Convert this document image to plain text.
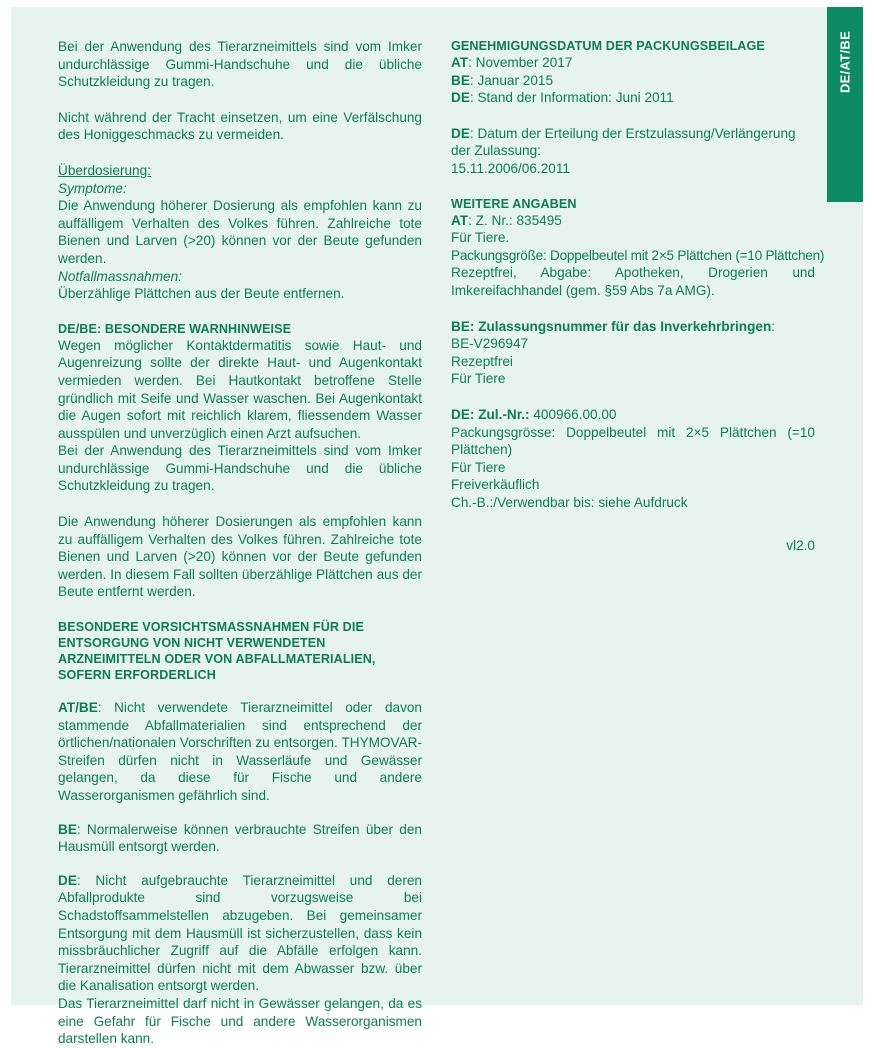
DE/AT/BE

Bei der Anwendung des Tierarzneimittels sind vom Imker undurchlässige Gummi-Handschuhe und die übliche Schutzkleidung zu tragen.

Nicht während der Tracht einsetzen, um eine Verfälschung des Honiggeschmacks zu vermeiden.

Überdosierung:

Symptome:

Die Anwendung höherer Dosierung als empfohlen kann zu auffälligem Verhalten des Volkes führen. Zahlreiche tote Bienen und Larven (>20) können vor der Beute gefunden werden.

Notfallmassnahmen:

Überzählige Plättchen aus der Beute entfernen.

DE/BE: BESONDERE WARNHINWEISE

Wegen möglicher Kontaktdermatitis sowie Haut- und Augenreizung sollte der direkte Haut- und Augenkontakt vermieden werden. Bei Hautkontakt betroffene Stelle gründlich mit Seife und Wasser waschen. Bei Augenkontakt die Augen sofort mit reichlich klarem, fliessendem Wasser ausspülen und unverzüglich einen Arzt aufsuchen.

Bei der Anwendung des Tierarzneimittels sind vom Imker undurchlässige Gummi-Handschuhe und die übliche Schutzkleidung zu tragen.

Die Anwendung höherer Dosierungen als empfohlen kann zu auffälligem Verhalten des Volkes führen. Zahlreiche tote Bienen und Larven (>20) können vor der Beute gefunden werden. In diesem Fall sollten überzählige Plättchen aus der Beute entfernt werden.

BESONDERE VORSICHTSMASSNAHMEN FÜR DIE ENTSORGUNG VON NICHT VERWENDETEN ARZNEIMITTELN ODER VON ABFALLMATERIALIEN, SOFERN ERFORDERLICH

AT/BE: Nicht verwendete Tierarzneimittel oder davon stammende Abfallmaterialien sind entsprechend der örtlichen/nationalen Vorschriften zu entsorgen. THYMOVAR-Streifen dürfen nicht in Wasserläufe und Gewässer gelangen, da diese für Fische und andere Wasserorganismen gefährlich sind.

BE: Normalerweise können verbrauchte Streifen über den Hausmüll entsorgt werden.

DE: Nicht aufgebrauchte Tierarzneimittel und deren Abfallprodukte sind vorzugsweise bei Schadstoffsammelstellen abzugeben. Bei gemeinsamer Entsorgung mit dem Hausmüll ist sicherzustellen, dass kein missbräuchlicher Zugriff auf die Abfälle erfolgen kann. Tierarzneimittel dürfen nicht mit dem Abwasser bzw. über die Kanalisation entsorgt werden.

Das Tierarzneimittel darf nicht in Gewässer gelangen, da es eine Gefahr für Fische und andere Wasserorganismen darstellen kann.

GENEHMIGUNGSDATUM DER PACKUNGSBEILAGE

AT: November 2017

BE: Januar 2015

DE: Stand der Information: Juni 2011

DE: Datum der Erteilung der Erstzulassung/Verlängerung der Zulassung:

15.11.2006/06.2011

WEITERE ANGABEN

AT: Z. Nr.: 835495

Für Tiere.

Packungsgröße: Doppelbeutel mit 2×5 Plättchen (=10 Plättchen)

Rezeptfrei, Abgabe: Apotheken, Drogerien und Imkereifachhandel (gem. §59 Abs 7a AMG).

BE: Zulassungsnummer für das Inverkehrbringen:

BE-V296947

Rezeptfrei

Für Tiere

DE: Zul.-Nr.: 400966.00.00

Packungsgrösse: Doppelbeutel mit 2×5 Plättchen (=10 Plättchen)

Für Tiere

Freiverkäuflich

Ch.-B.:/Verwendbar bis: siehe Aufdruck

vl2.0
